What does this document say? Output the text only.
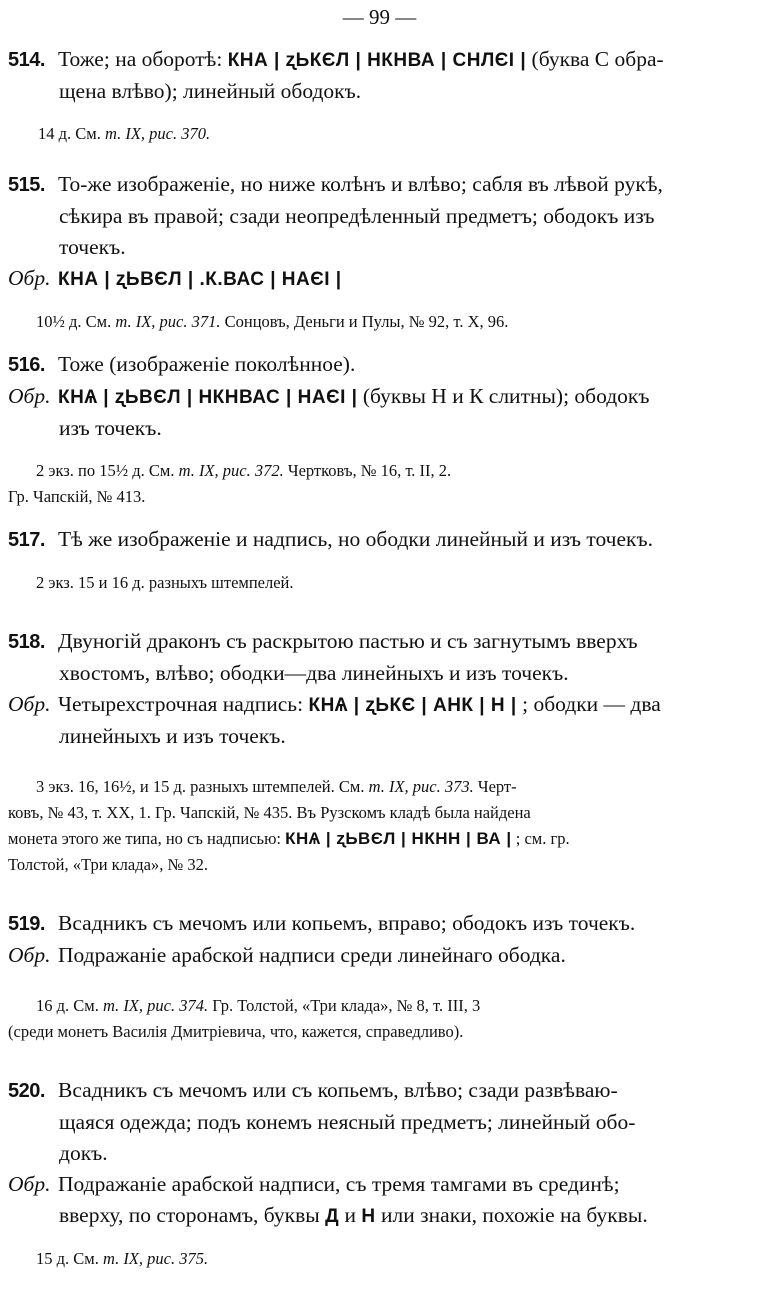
— 99 —
514. Тоже; на оборотѣ: КНА | ʐЬКЄЛ | НКНВА | СНЛЄІ | (буква С обра-
щена влѣво); линейный ободокъ.
14 д. См. т. IX, рис. 370.
515. То-же изображеніе, но ниже колѣнъ и влѣво; сабля въ лѣвой рукѣ,
сѣкира въ правой; сзади неопредѣленный предметъ; ободокъ изъ
точекъ.
Обр. КНА | ʐЬВЄЛ | .К.ВАС | НАЄІ |
10½ д. См. т. IX, рис. 371. Сонцовъ, Деньги и Пулы, № 92, т. X, 96.
516. Тоже (изображеніе поколѣнное).
Обр. КНѦ | ʐЬВЄЛ | НКНВАС | НАЄІ | (буквы Н и К слитны); ободокъ
изъ точекъ.
2 экз. по 15½ д. См. т. IX, рис. 372. Чертковъ, № 16, т. II, 2.
Гр. Чапскій, № 413.
517. Тѣ же изображеніе и надпись, но ободки линейный и изъ точекъ.
2 экз. 15 и 16 д. разныхъ штемпелей.
518. Двуногій драконъ съ раскрытою пастью и съ загнутымъ вверхъ
хвостомъ, влѣво; ободки—два линейныхъ и изъ точекъ.
Обр. Четырехстрочная надпись: КНѦ | ʐЬКЄ | АНК | Н | ; ободки — два
линейныхъ и изъ точекъ.
3 экз. 16, 16½, и 15 д. разныхъ штемпелей. См. т. IX, рис. 373. Черт-
ковъ, № 43, т. XX, 1. Гр. Чапскій, № 435. Въ Рузскомъ кладѣ была найдена
монета этого же типа, но съ надписью: КНѦ | ʐЬВЄЛ | НКНН | ВА | ; см. гр.
Толстой, «Три клада», № 32.
519. Всадникъ съ мечомъ или копьемъ, вправо; ободокъ изъ точекъ.
Обр. Подражаніе арабской надписи среди линейнаго ободка.
16 д. См. т. IX, рис. 374. Гр. Толстой, «Три клада», № 8, т. III, 3
(среди монетъ Василія Дмитріевича, что, кажется, справедливо).
520. Всадникъ съ мечомъ или съ копьемъ, влѣво; сзади развѣваю-
щаяся одежда; подъ конемъ неясный предметъ; линейный обо-
докъ.
Обр. Подражаніе арабской надписи, съ тремя тамгами въ срединѣ;
вверху, по сторонамъ, буквы Д и Н или знаки, похожіе на буквы.
15 д. См. т. IX, рис. 375.
